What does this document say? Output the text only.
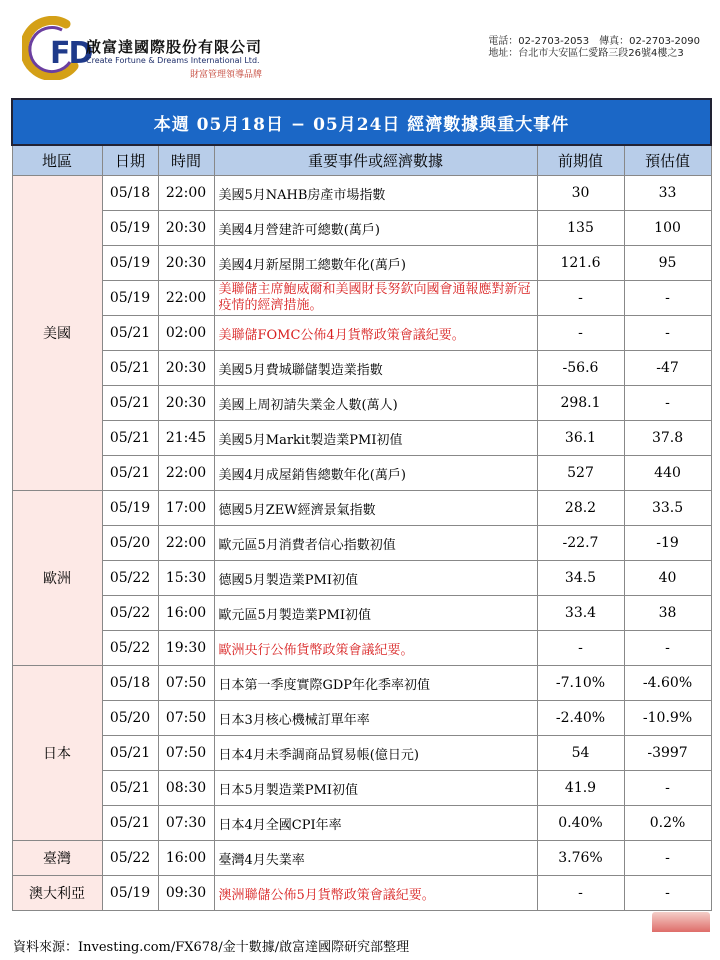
FD
啟富達國際股份有限公司
Create Fortune & Dreams International Ltd.
財富管理領導品牌
電話：02-2703-2053　傳真：02-2703-2090
地址：台北市大安區仁愛路三段26號4樓之3
本週 05月18日 − 05月24日 經濟數據與重大事件					
地區	日期	時間	重要事件或經濟數據	前期值	預估值
美國	05/18	22:00	美國5月NAHB房產市場指數	30	33
	05/19	20:30	美國4月營建許可總數(萬戶)	135	100
	05/19	20:30	美國4月新屋開工總數年化(萬戶)	121.6	95
	05/19	22:00	美聯儲主席鮑威爾和美國財長努欽向國會通報應對新冠疫情的經濟措施。	-	-
	05/21	02:00	美聯儲FOMC公佈4月貨幣政策會議紀要。	-	-
	05/21	20:30	美國5月費城聯儲製造業指數	-56.6	-47
	05/21	20:30	美國上周初請失業金人數(萬人)	298.1	-
	05/21	21:45	美國5月Markit製造業PMI初值	36.1	37.8
	05/21	22:00	美國4月成屋銷售總數年化(萬戶)	527	440
歐洲	05/19	17:00	德國5月ZEW經濟景氣指數	28.2	33.5
	05/20	22:00	歐元區5月消費者信心指數初值	-22.7	-19
	05/22	15:30	德國5月製造業PMI初值	34.5	40
	05/22	16:00	歐元區5月製造業PMI初值	33.4	38
	05/22	19:30	歐洲央行公佈貨幣政策會議紀要。	-	-
日本	05/18	07:50	日本第一季度實際GDP年化季率初值	-7.10%	-4.60%
	05/20	07:50	日本3月核心機械訂單年率	-2.40%	-10.9%
	05/21	07:50	日本4月未季調商品貿易帳(億日元)	54	-3997
	05/21	08:30	日本5月製造業PMI初值	41.9	-
	05/21	07:30	日本4月全國CPI年率	0.40%	0.2%
臺灣	05/22	16:00	臺灣4月失業率	3.76%	-
澳大利亞	05/19	09:30	澳洲聯儲公佈5月貨幣政策會議紀要。	-	-
資料來源：Investing.com/FX678/金十數據/啟富達國際研究部整理
